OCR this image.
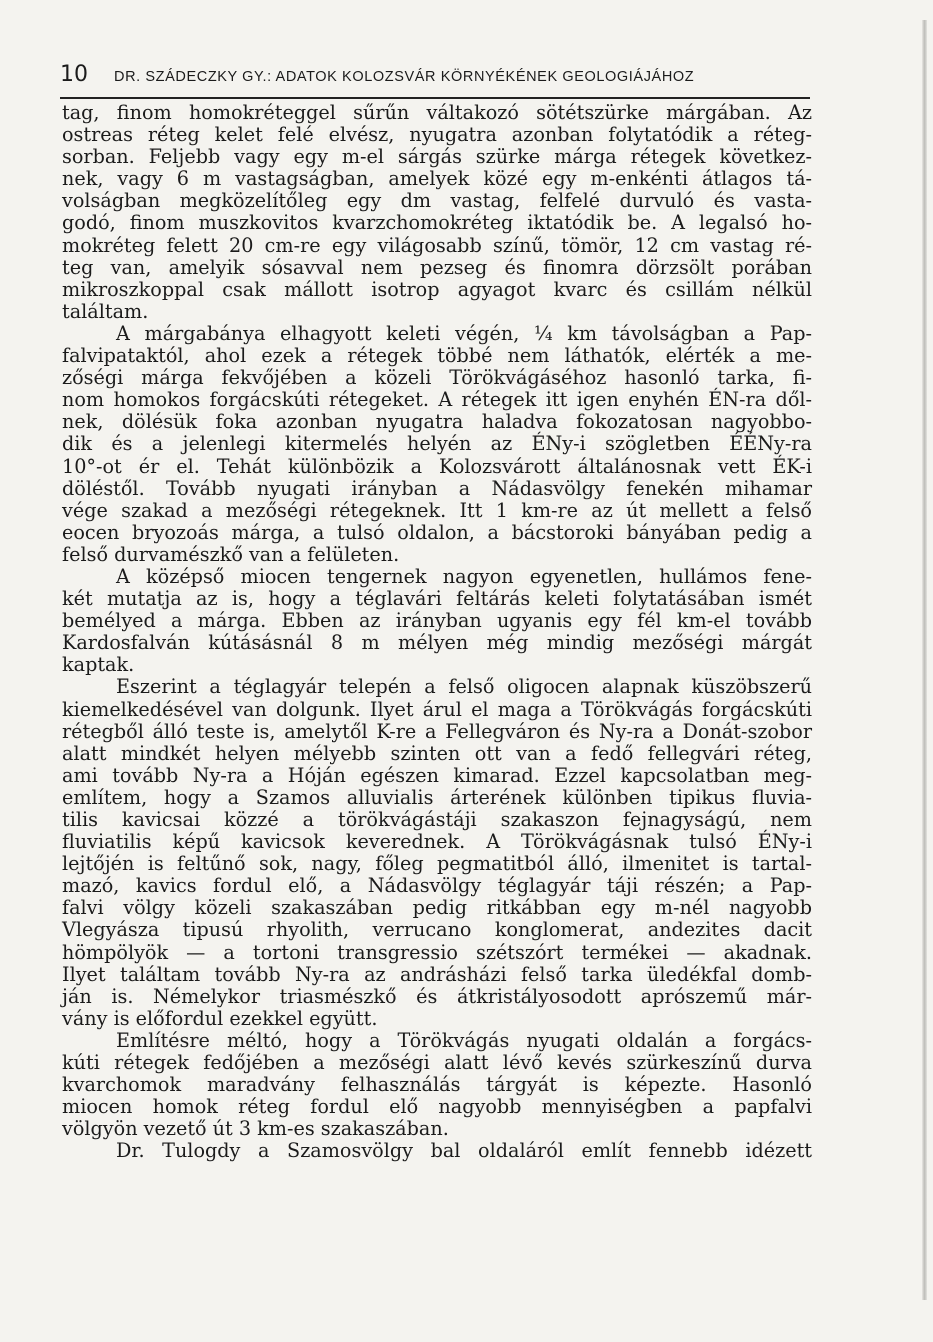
10 DR. SZÁDECZKY GY.: ADATOK KOLOZSVÁR KÖRNYÉKÉNEK GEOLOGIÁJÁHOZ
tag, finom homokréteggel sűrűn váltakozó sötétszürke márgában. Az
ostreas réteg kelet felé elvész, nyugatra azonban folytatódik a réteg-
sorban. Feljebb vagy egy m-el sárgás szürke márga rétegek következ-
nek, vagy 6 m vastagságban, amelyek közé egy m-enkénti átlagos tá-
volságban megközelítőleg egy dm vastag, felfelé durvuló és vasta-
godó, finom muszkovitos kvarzchomokréteg iktatódik be. A legalsó ho-
mokréteg felett 20 cm-re egy világosabb színű, tömör, 12 cm vastag ré-
teg van, amelyik sósavval nem pezseg és finomra dörzsölt porában
mikroszkoppal csak mállott isotrop agyagot kvarc és csillám nélkül
találtam.
A márgabánya elhagyott keleti végén, ¼ km távolságban a Pap-
falvipataktól, ahol ezek a rétegek többé nem láthatók, elérték a me-
zőségi márga fekvőjében a közeli Törökvágáséhoz hasonló tarka, fi-
nom homokos forgácskúti rétegeket. A rétegek itt igen enyhén ÉN-ra dől-
nek, dölésük foka azonban nyugatra haladva fokozatosan nagyobbo-
dik és a jelenlegi kitermelés helyén az ÉNy-i szögletben ÉÉNy-ra
10°-ot ér el. Tehát különbözik a Kolozsvárott általánosnak vett ÉK-i
döléstől. Tovább nyugati irányban a Nádasvölgy fenekén mihamar
vége szakad a mezőségi rétegeknek. Itt 1 km-re az út mellett a felső
eocen bryozoás márga, a tulsó oldalon, a bácstoroki bányában pedig a
felső durvamészkő van a felületen.
A középső miocen tengernek nagyon egyenetlen, hullámos fene-
két mutatja az is, hogy a téglavári feltárás keleti folytatásában ismét
bemélyed a márga. Ebben az irányban ugyanis egy fél km-el tovább
Kardosfalván kútásásnál 8 m mélyen még mindig mezőségi márgát
kaptak.
Eszerint a téglagyár telepén a felső oligocen alapnak küszöbszerű
kiemelkedésével van dolgunk. Ilyet árul el maga a Törökvágás forgácskúti
rétegből álló teste is, amelytől K-re a Fellegváron és Ny-ra a Donát-szobor
alatt mindkét helyen mélyebb szinten ott van a fedő fellegvári réteg,
ami tovább Ny-ra a Hóján egészen kimarad. Ezzel kapcsolatban meg-
említem, hogy a Szamos alluvialis árterének különben tipikus fluvia-
tilis kavicsai közzé a törökvágástáji szakaszon fejnagyságú, nem
fluviatilis képű kavicsok keverednek. A Törökvágásnak tulsó ÉNy-i
lejtőjén is feltűnő sok, nagy, főleg pegmatitból álló, ilmenitet is tartal-
mazó, kavics fordul elő, a Nádasvölgy téglagyár táji részén; a Pap-
falvi völgy közeli szakaszában pedig ritkábban egy m-nél nagyobb
Vlegyásza tipusú rhyolith, verrucano konglomerat, andezites dacit
hömpölyök — a tortoni transgressio szétszórt termékei — akadnak.
Ilyet találtam tovább Ny-ra az andrásházi felső tarka üledékfal domb-
ján is. Némelykor triasmészkő és átkristályosodott aprószemű már-
vány is előfordul ezekkel együtt.
Említésre méltó, hogy a Törökvágás nyugati oldalán a forgács-
kúti rétegek fedőjében a mezőségi alatt lévő kevés szürkeszínű durva
kvarchomok maradvány felhasználás tárgyát is képezte. Hasonló
miocen homok réteg fordul elő nagyobb mennyiségben a papfalvi
völgyön vezető út 3 km-es szakaszában.
Dr. Tulogdy a Szamosvölgy bal oldaláról említ fennebb idézett
